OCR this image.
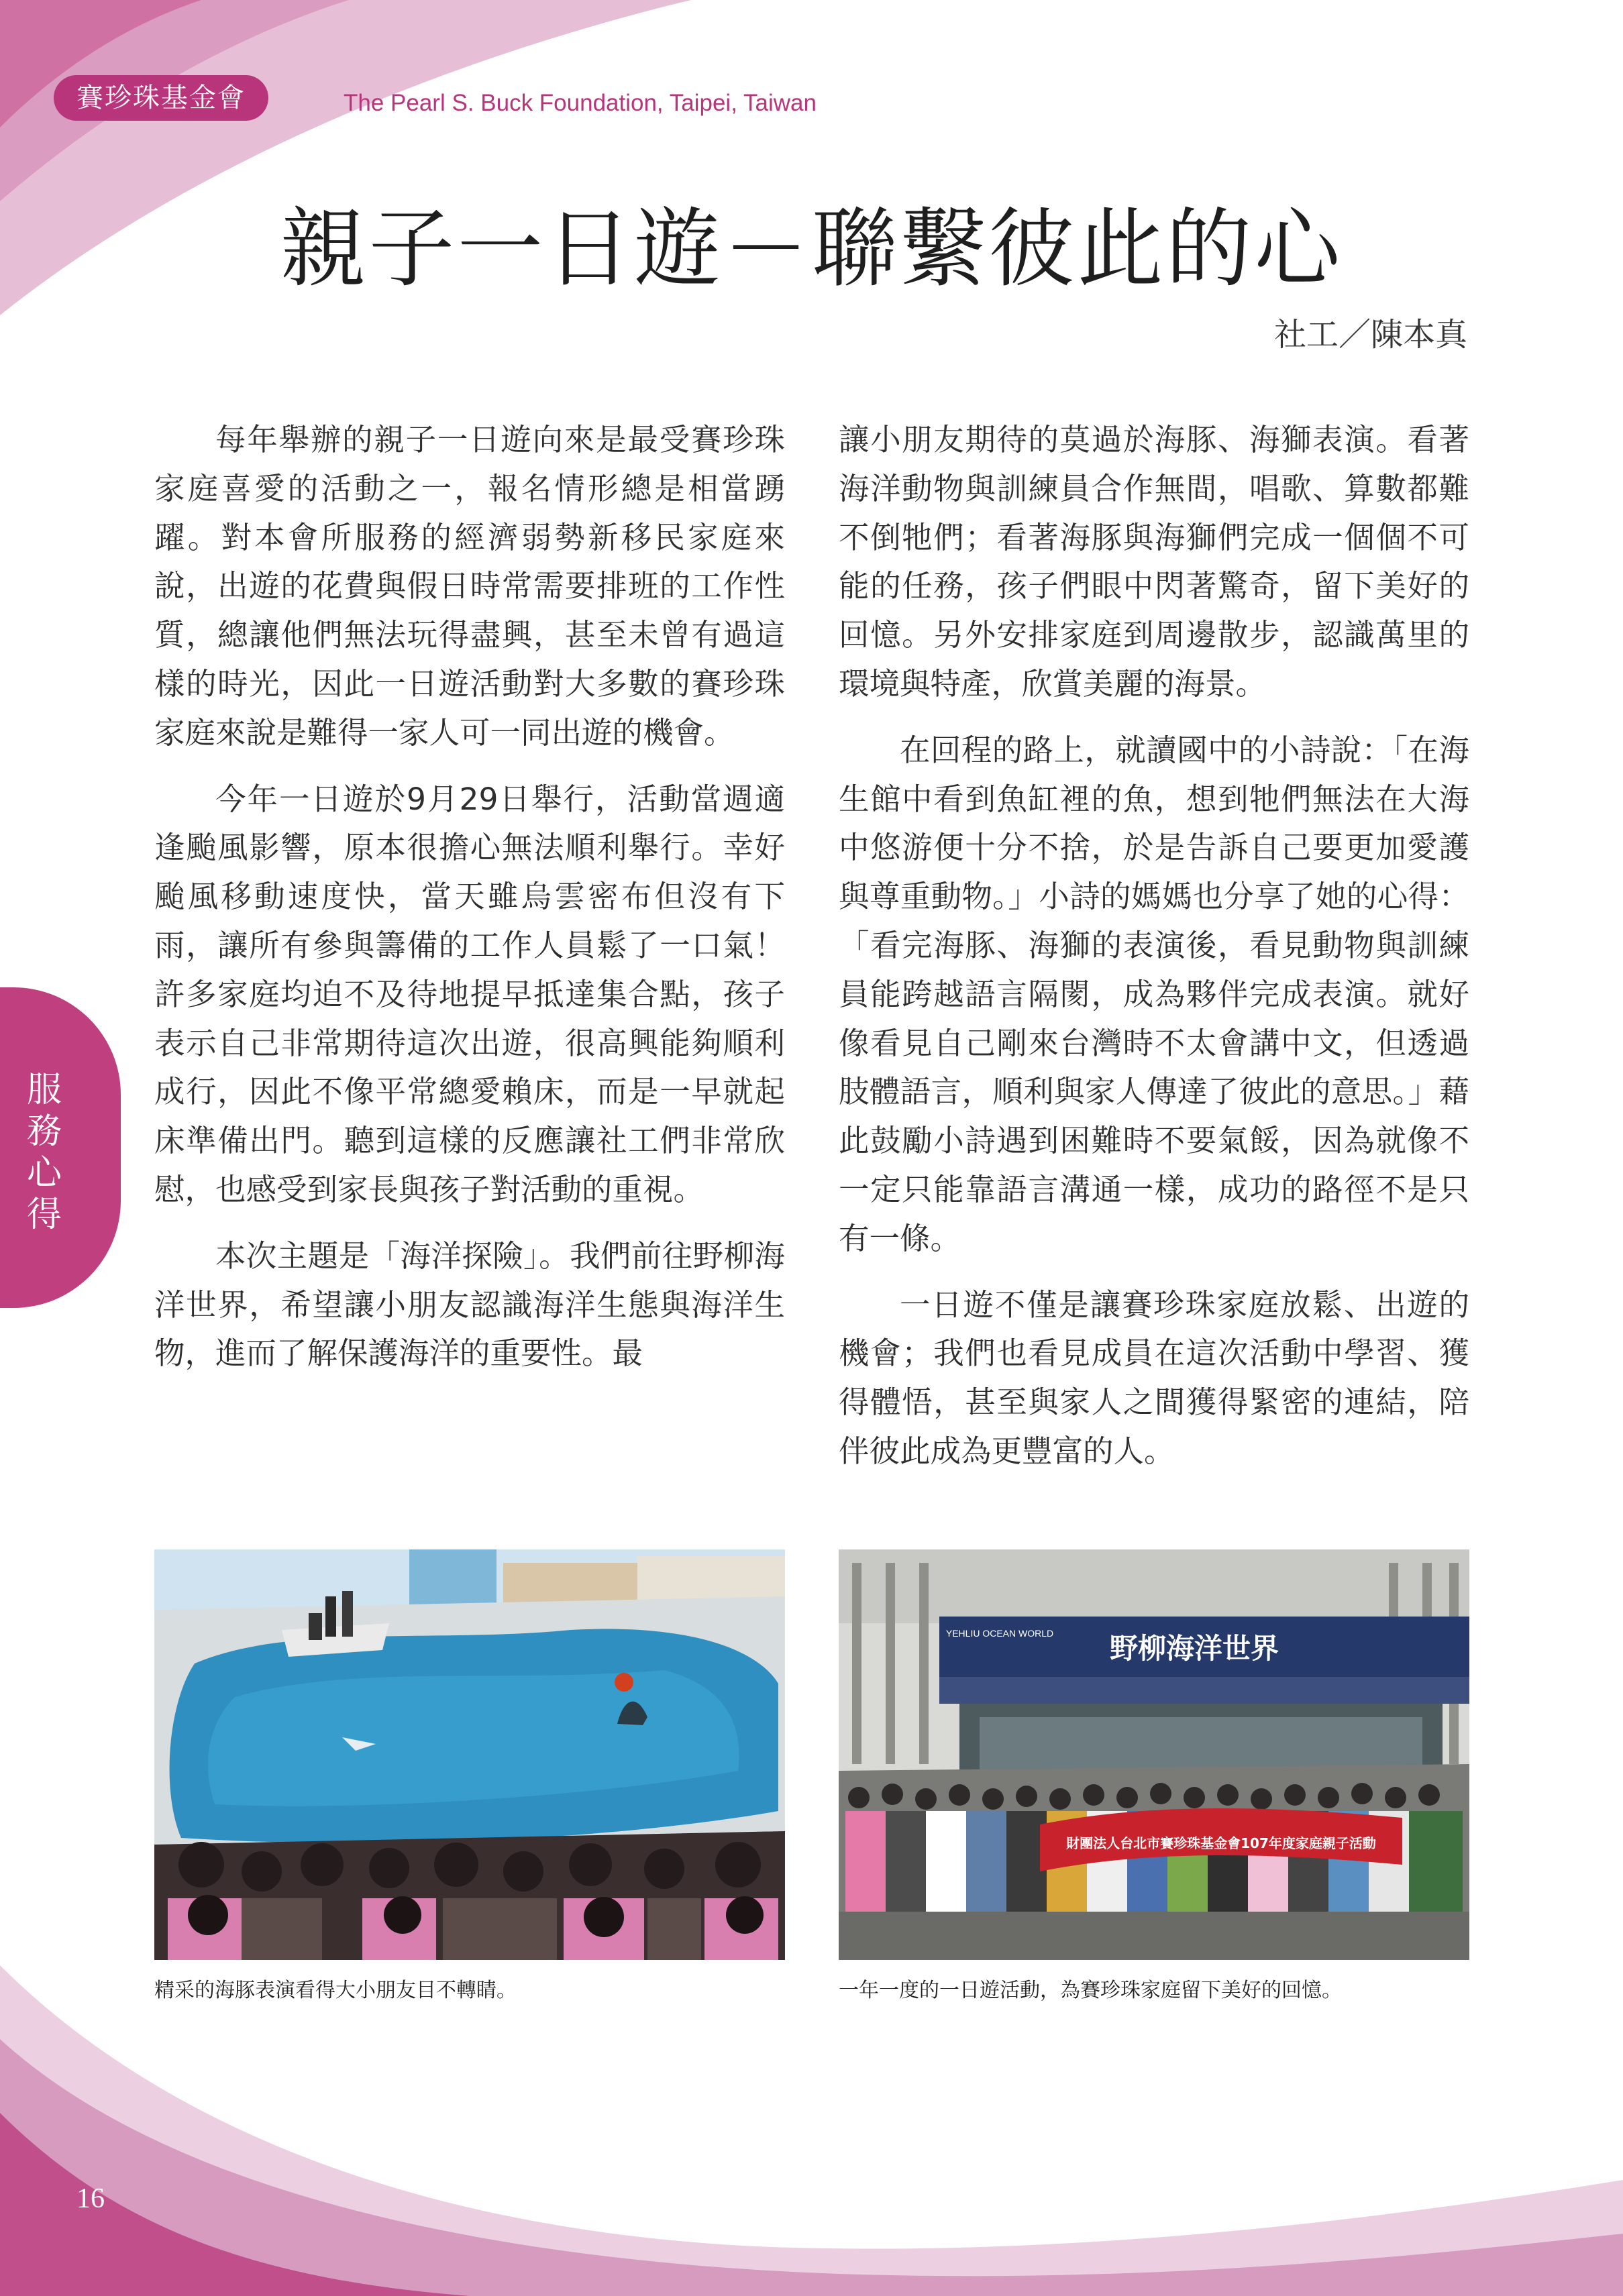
賽珍珠基金會	The Pearl S. Buck Foundation, Taipei, Taiwan
親子一日遊－聯繫彼此的心
社工／陳本真
服務心得

每年舉辦的親子一日遊向來是最受賽珍珠家庭喜愛的活動之一，報名情形總是相當踴躍。對本會所服務的經濟弱勢新移民家庭來說，出遊的花費與假日時常需要排班的工作性質，總讓他們無法玩得盡興，甚至未曾有過這樣的時光，因此一日遊活動對大多數的賽珍珠家庭來說是難得一家人可一同出遊的機會。

今年一日遊於9月29日舉行，活動當週適逢颱風影響，原本很擔心無法順利舉行。幸好颱風移動速度快，當天雖烏雲密布但沒有下雨，讓所有參與籌備的工作人員鬆了一口氣！許多家庭均迫不及待地提早抵達集合點，孩子表示自己非常期待這次出遊，很高興能夠順利成行，因此不像平常總愛賴床，而是一早就起床準備出門。聽到這樣的反應讓社工們非常欣慰，也感受到家長與孩子對活動的重視。

本次主題是「海洋探險」。我們前往野柳海洋世界，希望讓小朋友認識海洋生態與海洋生物，進而了解保護海洋的重要性。最

讓小朋友期待的莫過於海豚、海獅表演。看著海洋動物與訓練員合作無間，唱歌、算數都難不倒牠們；看著海豚與海獅們完成一個個不可能的任務，孩子們眼中閃著驚奇，留下美好的回憶。另外安排家庭到周邊散步，認識萬里的環境與特產，欣賞美麗的海景。

在回程的路上，就讀國中的小詩說：「在海生館中看到魚缸裡的魚，想到牠們無法在大海中悠游便十分不捨，於是告訴自己要更加愛護與尊重動物。」小詩的媽媽也分享了她的心得：「看完海豚、海獅的表演後，看見動物與訓練員能跨越語言隔閡，成為夥伴完成表演。就好像看見自己剛來台灣時不太會講中文，但透過肢體語言，順利與家人傳達了彼此的意思。」藉此鼓勵小詩遇到困難時不要氣餒，因為就像不一定只能靠語言溝通一樣，成功的路徑不是只有一條。

一日遊不僅是讓賽珍珠家庭放鬆、出遊的機會；我們也看見成員在這次活動中學習、獲得體悟，甚至與家人之間獲得緊密的連結，陪伴彼此成為更豐富的人。

野柳海洋世界
YEHLIU OCEAN WORLD
財團法人台北市賽珍珠基金會107年度家庭親子活動
精采的海豚表演看得大小朋友目不轉睛。	一年一度的一日遊活動，為賽珍珠家庭留下美好的回憶。
16
